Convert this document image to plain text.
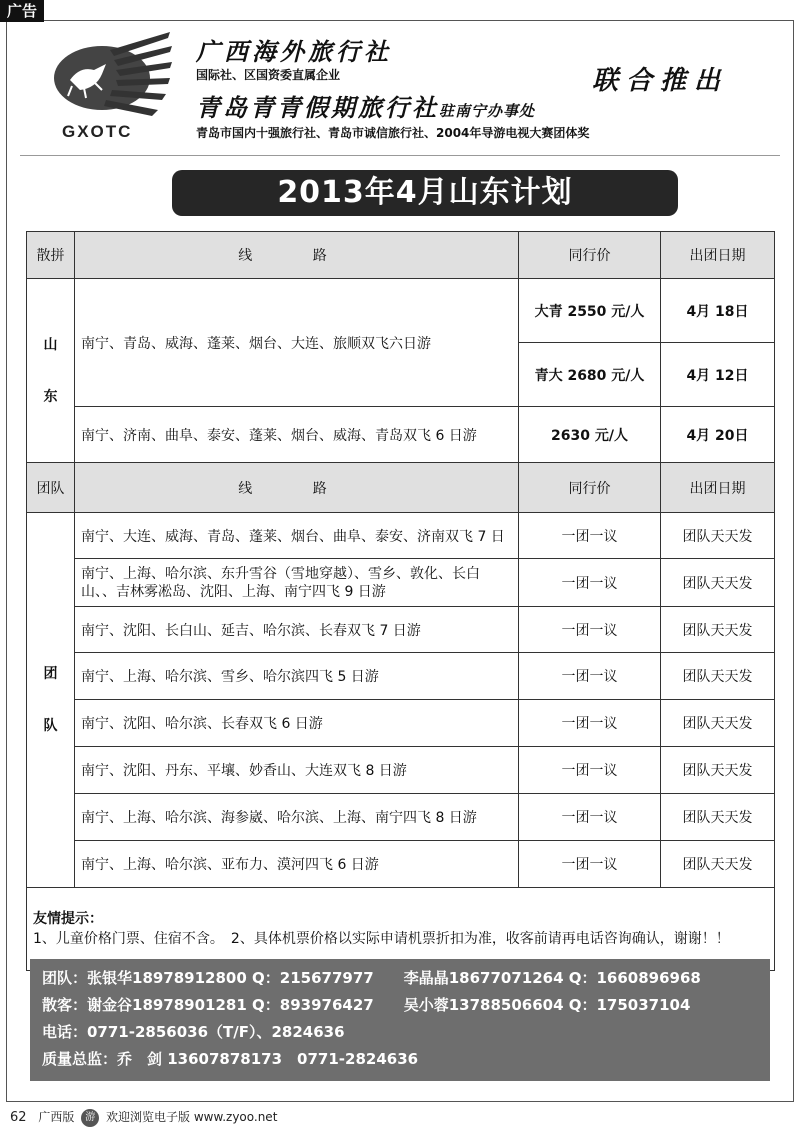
广告
GXOTC
广西海外旅行社
国际社、区国资委直属企业
青岛青青假期旅行社驻南宁办事处
青岛市国内十强旅行社、青岛市诚信旅行社、2004年导游电视大赛团体奖
联合推出
2013年4月山东计划
散拼	线 路	同行价	出团日期

山
东	南宁、青岛、威海、蓬莱、烟台、大连、旅顺双飞六日游	大青 2550 元/人	4月 18日
		青大 2680 元/人	4月 12日
	南宁、济南、曲阜、泰安、蓬莱、烟台、威海、青岛双飞 6 日游	2630 元/人	4月 20日
团队	线 路	同行价	出团日期

团
队	南宁、大连、威海、青岛、蓬莱、烟台、曲阜、泰安、济南双飞 7 日	一团一议	团队天天发
	南宁、上海、哈尔滨、东升雪谷（雪地穿越）、雪乡、敦化、长白山、、吉林雾凇岛、沈阳、上海、南宁四飞 9 日游	一团一议	团队天天发
	南宁、沈阳、长白山、延吉、哈尔滨、长春双飞 7 日游	一团一议	团队天天发
	南宁、上海、哈尔滨、雪乡、哈尔滨四飞 5 日游	一团一议	团队天天发
	南宁、沈阳、哈尔滨、长春双飞 6 日游	一团一议	团队天天发
	南宁、沈阳、丹东、平壤、妙香山、大连双飞 8 日游	一团一议	团队天天发
	南宁、上海、哈尔滨、海参崴、哈尔滨、上海、南宁四飞 8 日游	一团一议	团队天天发
	南宁、上海、哈尔滨、亚布力、漠河四飞 6 日游	一团一议	团队天天发

友情提示：
1、儿童价格门票、住宿不含。　2、具体机票价格以实际申请机票折扣为准，收客前请再电话咨询确认，谢谢！！			
团队：张银华18978912800 Q：215677977　　李晶晶18677071264 Q：1660896968
散客：谢金谷18978901281 Q：893976427　　吴小蓉13788506604 Q：175037104
电话：0771-2856036（T/F）、2824636
质量总监：乔　剑 13607878173　0771-2824636
62 广西版 游 欢迎浏览电子版 www.zyoo.net
